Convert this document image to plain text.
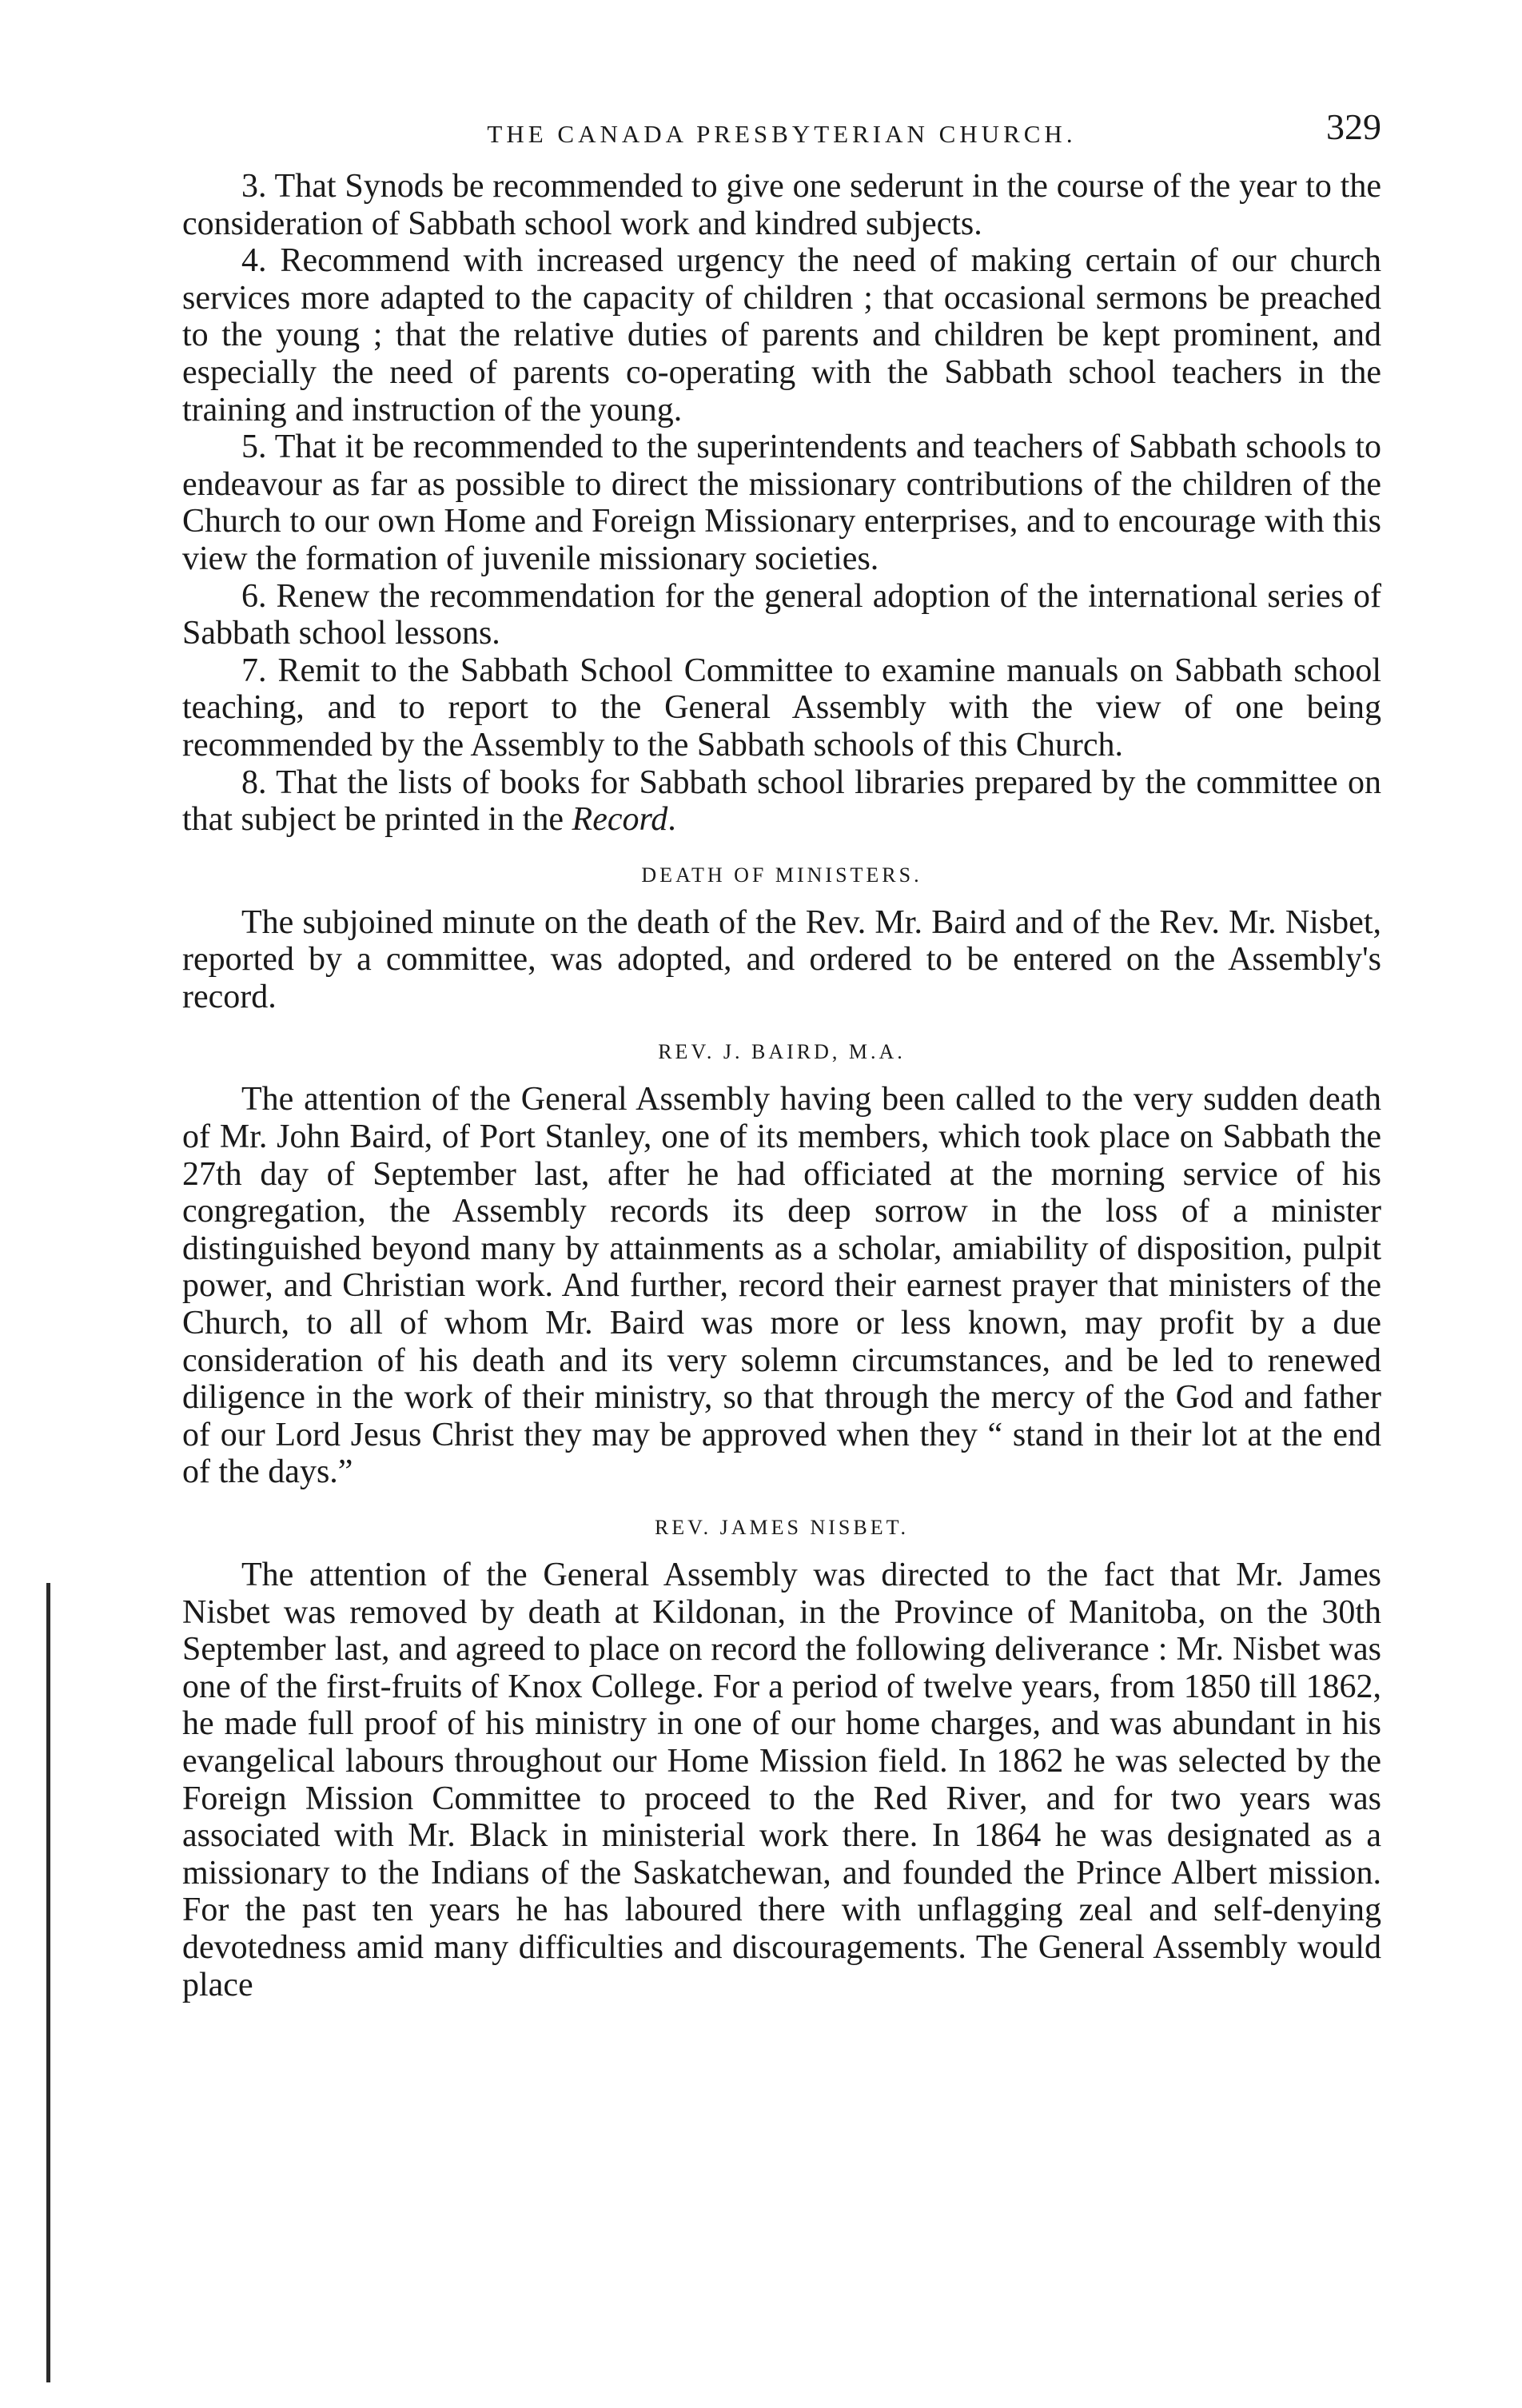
THE CANADA PRESBYTERIAN CHURCH.	329

3. That Synods be recommended to give one sederunt in the course of the year to the consideration of Sabbath school work and kindred subjects.

4. Recommend with increased urgency the need of making certain of our church services more adapted to the capacity of children ; that occasional sermons be preached to the young ; that the relative duties of parents and children be kept prominent, and especially the need of parents co-operating with the Sabbath school teachers in the training and instruction of the young.

5. That it be recommended to the superintendents and teachers of Sabbath schools to endeavour as far as possible to direct the missionary contributions of the children of the Church to our own Home and Foreign Missionary enterprises, and to encourage with this view the formation of juvenile missionary societies.

6. Renew the recommendation for the general adoption of the international series of Sabbath school lessons.

7. Remit to the Sabbath School Committee to examine manuals on Sabbath school teaching, and to report to the General Assembly with the view of one being recommended by the Assembly to the Sabbath schools of this Church.

8. That the lists of books for Sabbath school libraries prepared by the committee on that subject be printed in the Record.

DEATH OF MINISTERS.

The subjoined minute on the death of the Rev. Mr. Baird and of the Rev. Mr. Nisbet, reported by a committee, was adopted, and ordered to be entered on the Assembly's record.

REV. J. BAIRD, M.A.

The attention of the General Assembly having been called to the very sudden death of Mr. John Baird, of Port Stanley, one of its members, which took place on Sabbath the 27th day of September last, after he had officiated at the morning service of his congregation, the Assembly records its deep sorrow in the loss of a minister distinguished beyond many by attainments as a scholar, amiability of disposition, pulpit power, and Christian work. And further, record their earnest prayer that ministers of the Church, to all of whom Mr. Baird was more or less known, may profit by a due consideration of his death and its very solemn circumstances, and be led to renewed diligence in the work of their ministry, so that through the mercy of the God and father of our Lord Jesus Christ they may be approved when they “ stand in their lot at the end of the days.”

REV. JAMES NISBET.

The attention of the General Assembly was directed to the fact that Mr. James Nisbet was removed by death at Kildonan, in the Province of Manitoba, on the 30th September last, and agreed to place on record the following deliverance : Mr. Nisbet was one of the first-fruits of Knox College. For a period of twelve years, from 1850 till 1862, he made full proof of his ministry in one of our home charges, and was abundant in his evangelical labours throughout our Home Mission field. In 1862 he was selected by the Foreign Mission Committee to proceed to the Red River, and for two years was associated with Mr. Black in ministerial work there. In 1864 he was designated as a missionary to the Indians of the Saskatchewan, and founded the Prince Albert mission. For the past ten years he has laboured there with unflagging zeal and self-denying devotedness amid many difficulties and discouragements. The General Assembly would place
